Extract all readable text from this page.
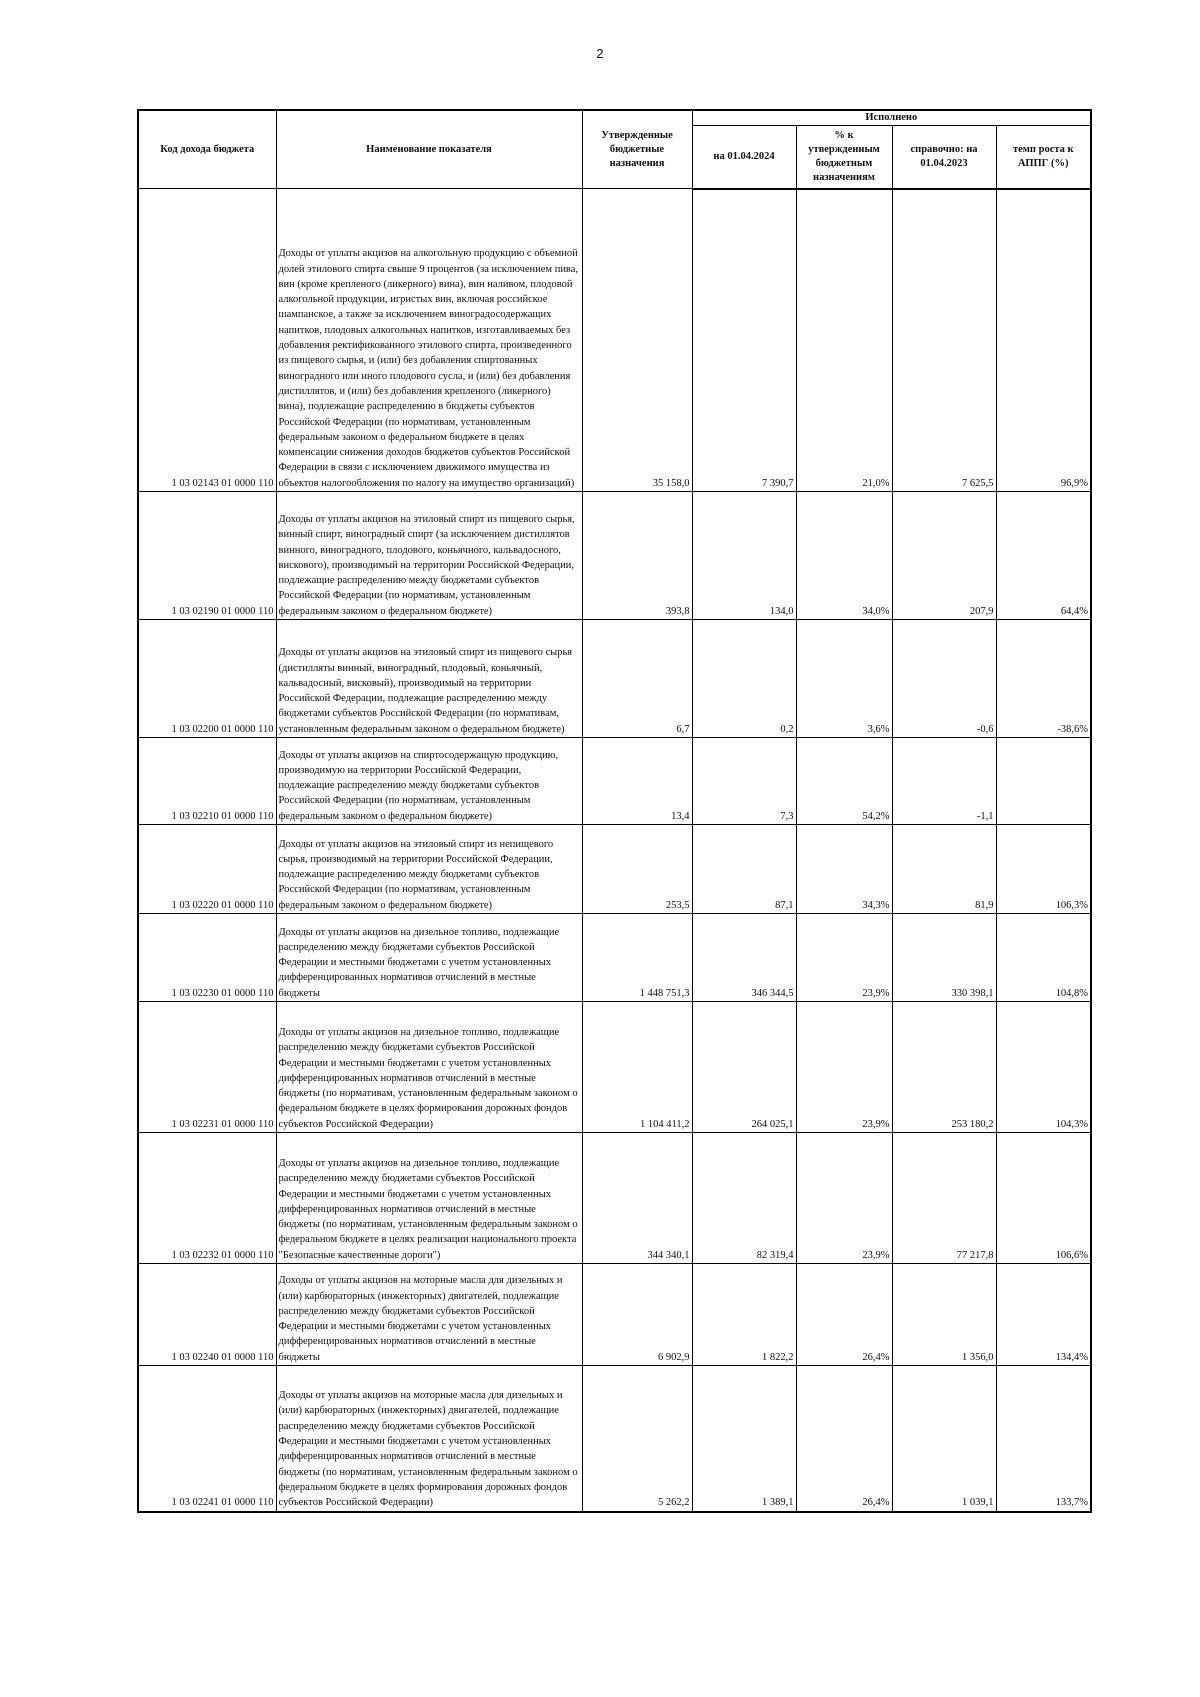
2
Код дохода бюджета	Наименование показателя	Утвержденные бюджетные назначения	Исполнено			
			на 01.04.2024	% к утвержденным бюджетным назначениям	справочно: на 01.04.2023	темп роста к АППГ (%)
1 03 02143 01 0000 110	Доходы от уплаты акцизов на алкогольную продукцию с объемной долей этилового спирта свыше 9 процентов (за исключением пива, вин (кроме крепленого (ликерного) вина), вин наливом, плодовой алкогольной продукции, игристых вин, включая российское шампанское, а также за исключением виноградосодержащих напитков, плодовых алкогольных напитков, изготавливаемых без добавления ректификованного этилового спирта, произведенного из пищевого сырья, и (или) без добавления спиртованных виноградного или иного плодового сусла, и (или) без добавления дистиллятов, и (или) без добавления крепленого (ликерного) вина), подлежащие распределению в бюджеты субъектов Российской Федерации (по нормативам, установленным федеральным законом о федеральном бюджете в целях компенсации снижения доходов бюджетов субъектов Российской Федерации в связи с исключением движимого имущества из объектов налогообложения по налогу на имущество организаций)	35 158,0	7 390,7	21,0%	7 625,5	96,9%
1 03 02190 01 0000 110	Доходы от уплаты акцизов на этиловый спирт из пищевого сырья, винный спирт, виноградный спирт (за исключением дистиллятов винного, виноградного, плодового, коньячного, кальвадосного, вискового), производимый на территории Российской Федерации, подлежащие распределению между бюджетами субъектов Российской Федерации (по нормативам, установленным федеральным законом о федеральном бюджете)	393,8	134,0	34,0%	207,9	64,4%
1 03 02200 01 0000 110	Доходы от уплаты акцизов на этиловый спирт из пищевого сырья (дистилляты винный, виноградный, плодовый, коньячный, кальвадосный, висковый), производимый на территории Российской Федерации, подлежащие распределению между бюджетами субъектов Российской Федерации (по нормативам, установленным федеральным законом о федеральном бюджете)	6,7	0,2	3,6%	-0,6	-38,6%
1 03 02210 01 0000 110	Доходы от уплаты акцизов на спиртосодержащую продукцию, производимую на территории Российской Федерации, подлежащие распределению между бюджетами субъектов Российской Федерации (по нормативам, установленным федеральным законом о федеральном бюджете)	13,4	7,3	54,2%	-1,1	
1 03 02220 01 0000 110	Доходы от уплаты акцизов на этиловый спирт из непищевого сырья, производимый на территории Российской Федерации, подлежащие распределению между бюджетами субъектов Российской Федерации (по нормативам, установленным федеральным законом о федеральном бюджете)	253,5	87,1	34,3%	81,9	106,3%
1 03 02230 01 0000 110	Доходы от уплаты акцизов на дизельное топливо, подлежащие распределению между бюджетами субъектов Российской Федерации и местными бюджетами с учетом установленных дифференцированных нормативов отчислений в местные бюджеты	1 448 751,3	346 344,5	23,9%	330 398,1	104,8%
1 03 02231 01 0000 110	Доходы от уплаты акцизов на дизельное топливо, подлежащие распределению между бюджетами субъектов Российской Федерации и местными бюджетами с учетом установленных дифференцированных нормативов отчислений в местные бюджеты (по нормативам, установленным федеральным законом о федеральном бюджете в целях формирования дорожных фондов субъектов Российской Федерации)	1 104 411,2	264 025,1	23,9%	253 180,2	104,3%
1 03 02232 01 0000 110	Доходы от уплаты акцизов на дизельное топливо, подлежащие распределению между бюджетами субъектов Российской Федерации и местными бюджетами с учетом установленных дифференцированных нормативов отчислений в местные бюджеты (по нормативам, установленным федеральным законом о федеральном бюджете в целях реализации национального проекта "Безопасные качественные дороги")	344 340,1	82 319,4	23,9%	77 217,8	106,6%
1 03 02240 01 0000 110	Доходы от уплаты акцизов на моторные масла для дизельных и (или) карбюраторных (инжекторных) двигателей, подлежащие распределению между бюджетами субъектов Российской Федерации и местными бюджетами с учетом установленных дифференцированных нормативов отчислений в местные бюджеты	6 902,9	1 822,2	26,4%	1 356,0	134,4%
1 03 02241 01 0000 110	Доходы от уплаты акцизов на моторные масла для дизельных и (или) карбюраторных (инжекторных) двигателей, подлежащие распределению между бюджетами субъектов Российской Федерации и местными бюджетами с учетом установленных дифференцированных нормативов отчислений в местные бюджеты (по нормативам, установленным федеральным законом о федеральном бюджете в целях формирования дорожных фондов субъектов Российской Федерации)	5 262,2	1 389,1	26,4%	1 039,1	133,7%
